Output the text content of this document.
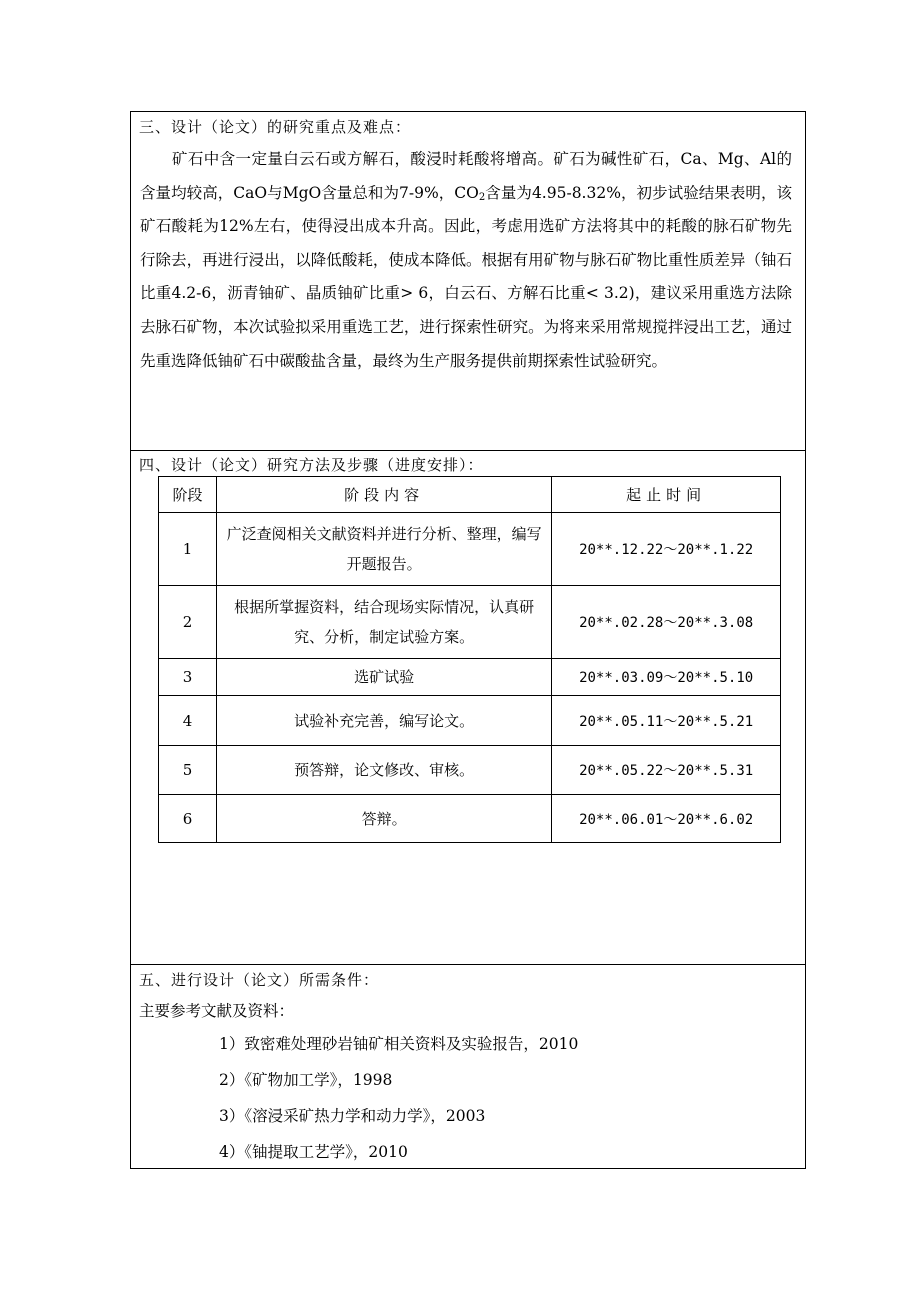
三、设计（论文）的研究重点及难点：

矿石中含一定量白云石或方解石，酸浸时耗酸将增高。矿石为碱性矿石，Ca、Mg、Al的含量均较高，CaO与MgO含量总和为7-9%，$CO_2$含量为4.95-8.32%，初步试验结果表明，该矿石酸耗为12%左右，使得浸出成本升高。因此，考虑用选矿方法将其中的耗酸的脉石矿物先行除去，再进行浸出，以降低酸耗，使成本降低。根据有用矿物与脉石矿物比重性质差异（铀石比重4.2-6，沥青铀矿、晶质铀矿比重> 6，白云石、方解石比重< 3.2)，建议采用重选方法除去脉石矿物，本次试验拟采用重选工艺，进行探索性研究。为将来采用常规搅拌浸出工艺，通过先重选降低铀矿石中碳酸盐含量，最终为生产服务提供前期探索性试验研究。

四、设计（论文）研究方法及步骤（进度安排）：
阶段	阶段内容	起止时间
1	广泛查阅相关文献资料并进行分析、整理，编写开题报告。	20**.12.22～20**.1.22
2	根据所掌握资料，结合现场实际情况，认真研究、分析，制定试验方案。	20**.02.28～20**.3.08
3	选矿试验	20**.03.09～20**.5.10
4	试验补充完善，编写论文。	20**.05.11～20**.5.21
5	预答辩，论文修改、审核。	20**.05.22～20**.5.31
6	答辩。	20**.06.01～20**.6.02
五、进行设计（论文）所需条件：
主要参考文献及资料：
1）致密难处理砂岩铀矿相关资料及实验报告，2010
2）《矿物加工学》，1998
3）《溶浸采矿热力学和动力学》，2003
4）《铀提取工艺学》，2010
